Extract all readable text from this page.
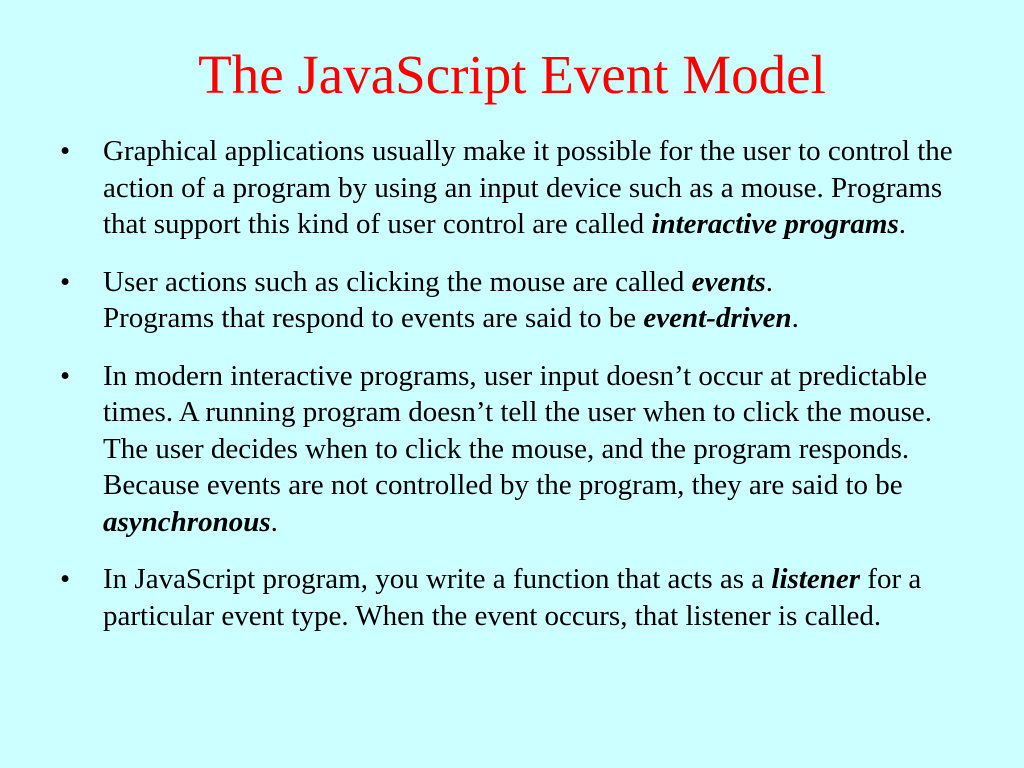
The JavaScript Event Model
•	Graphical applications usually make it possible for the user to control the action of a program by using an input device such as a mouse. Programs that support this kind of user control are called interactive programs.
•	User actions such as clicking the mouse are called events.
Programs that respond to events are said to be event-driven.
•	In modern interactive programs, user input doesn’t occur at predictable times. A running program doesn’t tell the user when to click the mouse. The user decides when to click the mouse, and the program responds. Because events are not controlled by the program, they are said to be asynchronous.
•	In JavaScript program, you write a function that acts as a listener for a particular event type. When the event occurs, that listener is called.
